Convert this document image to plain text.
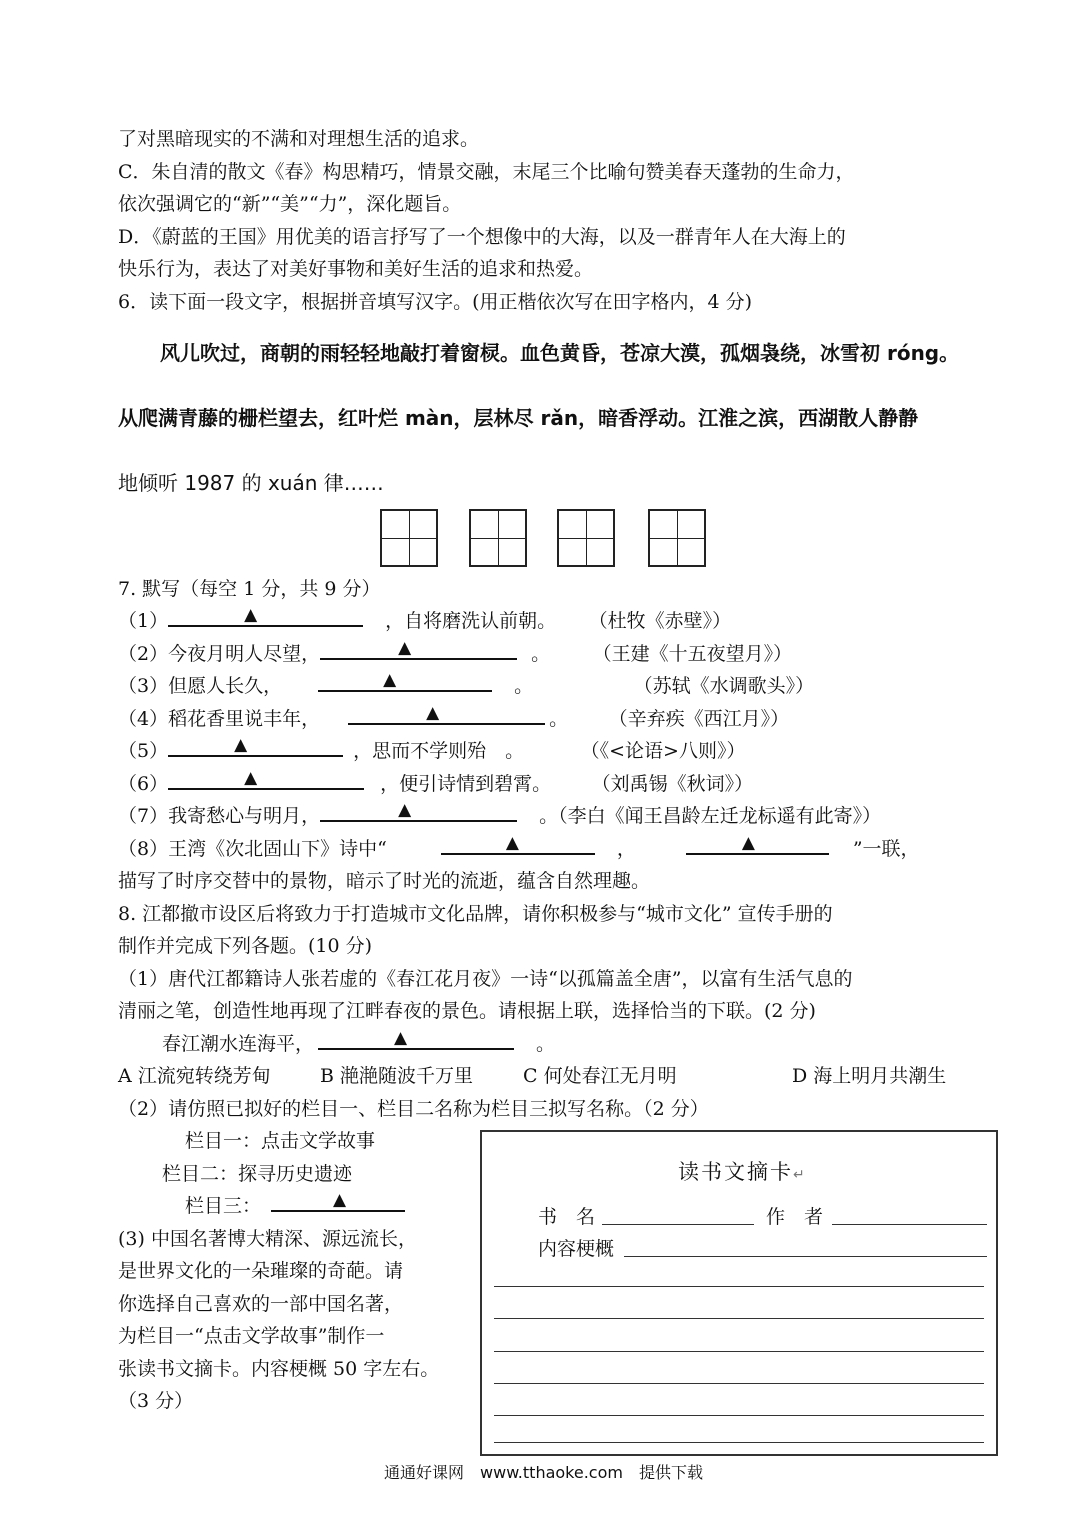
了对黑暗现实的不满和对理想生活的追求。
C．朱自清的散文《春》构思精巧，情景交融，末尾三个比喻句赞美春天蓬勃的生命力，
依次强调它的“新”“美”“力”，深化题旨。
D．《蔚蓝的王国》用优美的语言抒写了一个想像中的大海，以及一群青年人在大海上的
快乐行为，表达了对美好事物和美好生活的追求和热爱。
6．读下面一段文字，根据拼音填写汉字。(用正楷依次写在田字格内，4 分)
风儿吹过，商朝的雨轻轻地敲打着窗棂。血色黄昏，苍凉大漠，孤烟袅绕，冰雪初 róng。
从爬满青藤的栅栏望去，红叶烂 màn，层林尽 rǎn，暗香浮动。江淮之滨，西湖散人静静
地倾听 1987 的 xuán 律……
7. 默写（每空 1 分，共 9 分）
（1）	▲	，自将磨洗认前朝。 （杜牧《赤壁》）
（2）今夜月明人尽望，	▲	。	（王建《十五夜望月》）
（3）但愿人长久，	▲	。	（苏轼《水调歌头》）
（4）稻花香里说丰年，	▲	。	（辛弃疾《西江月》）
（5）	▲	，思而不学则殆　。	（《<论语>八则》）
（6）	▲	，便引诗情到碧霄。	（刘禹锡《秋词》）
（7）我寄愁心与明月，	▲	。（李白《闻王昌龄左迁龙标遥有此寄》）
（8）王湾《次北固山下》诗中“	▲	，	▲	”一联，
描写了时序交替中的景物，暗示了时光的流逝，蕴含自然理趣。
8. 江都撤市设区后将致力于打造城市文化品牌，请你积极参与“城市文化” 宣传手册的
制作并完成下列各题。(10 分)
（1）唐代江都籍诗人张若虚的《春江花月夜》一诗“以孤篇盖全唐”，以富有生活气息的
清丽之笔，创造性地再现了江畔春夜的景色。请根据上联，选择恰当的下联。(2 分)
春江潮水连海平，	▲	。
A 江流宛转绕芳甸	B 滟滟随波千万里	C 何处春江无月明	D 海上明月共潮生
（2）请仿照已拟好的栏目一、栏目二名称为栏目三拟写名称。（2 分）
栏目一：点击文学故事
栏目二：探寻历史遗迹
栏目三：	▲
(3) 中国名著博大精深、源远流长，
是世界文化的一朵璀璨的奇葩。请
你选择自己喜欢的一部中国名著，
为栏目一“点击文学故事”制作一
张读书文摘卡。内容梗概 50 字左右。
（3 分）
读书文摘卡↵
书　名	作　者
内容梗概
通通好课网　www.tthaoke.com　提供下载
